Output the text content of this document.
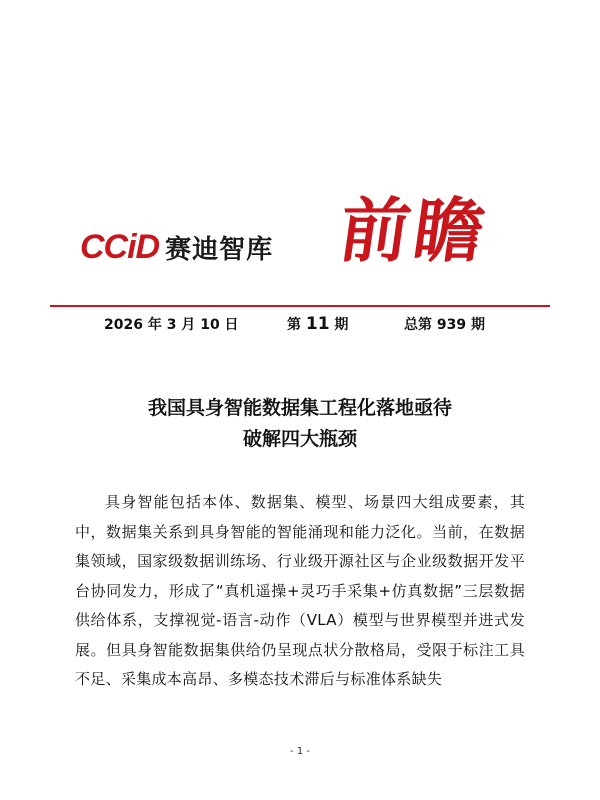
CCiD 赛迪智库 前瞻
2026 年 3 月 10 日	第 11 期	总第 939 期
我国具身智能数据集工程化落地亟待
破解四大瓶颈
具身智能包括本体、数据集、模型、场景四大组成要素，其中，数据集关系到具身智能的智能涌现和能力泛化。当前，在数据集领域，国家级数据训练场、行业级开源社区与企业级数据开发平台协同发力，形成了“真机遥操+灵巧手采集+仿真数据”三层数据供给体系，支撑视觉-语言-动作（VLA）模型与世界模型并进式发展。但具身智能数据集供给仍呈现点状分散格局，受限于标注工具不足、采集成本高昂、多模态技术滞后与标准体系缺失
- 1 -
